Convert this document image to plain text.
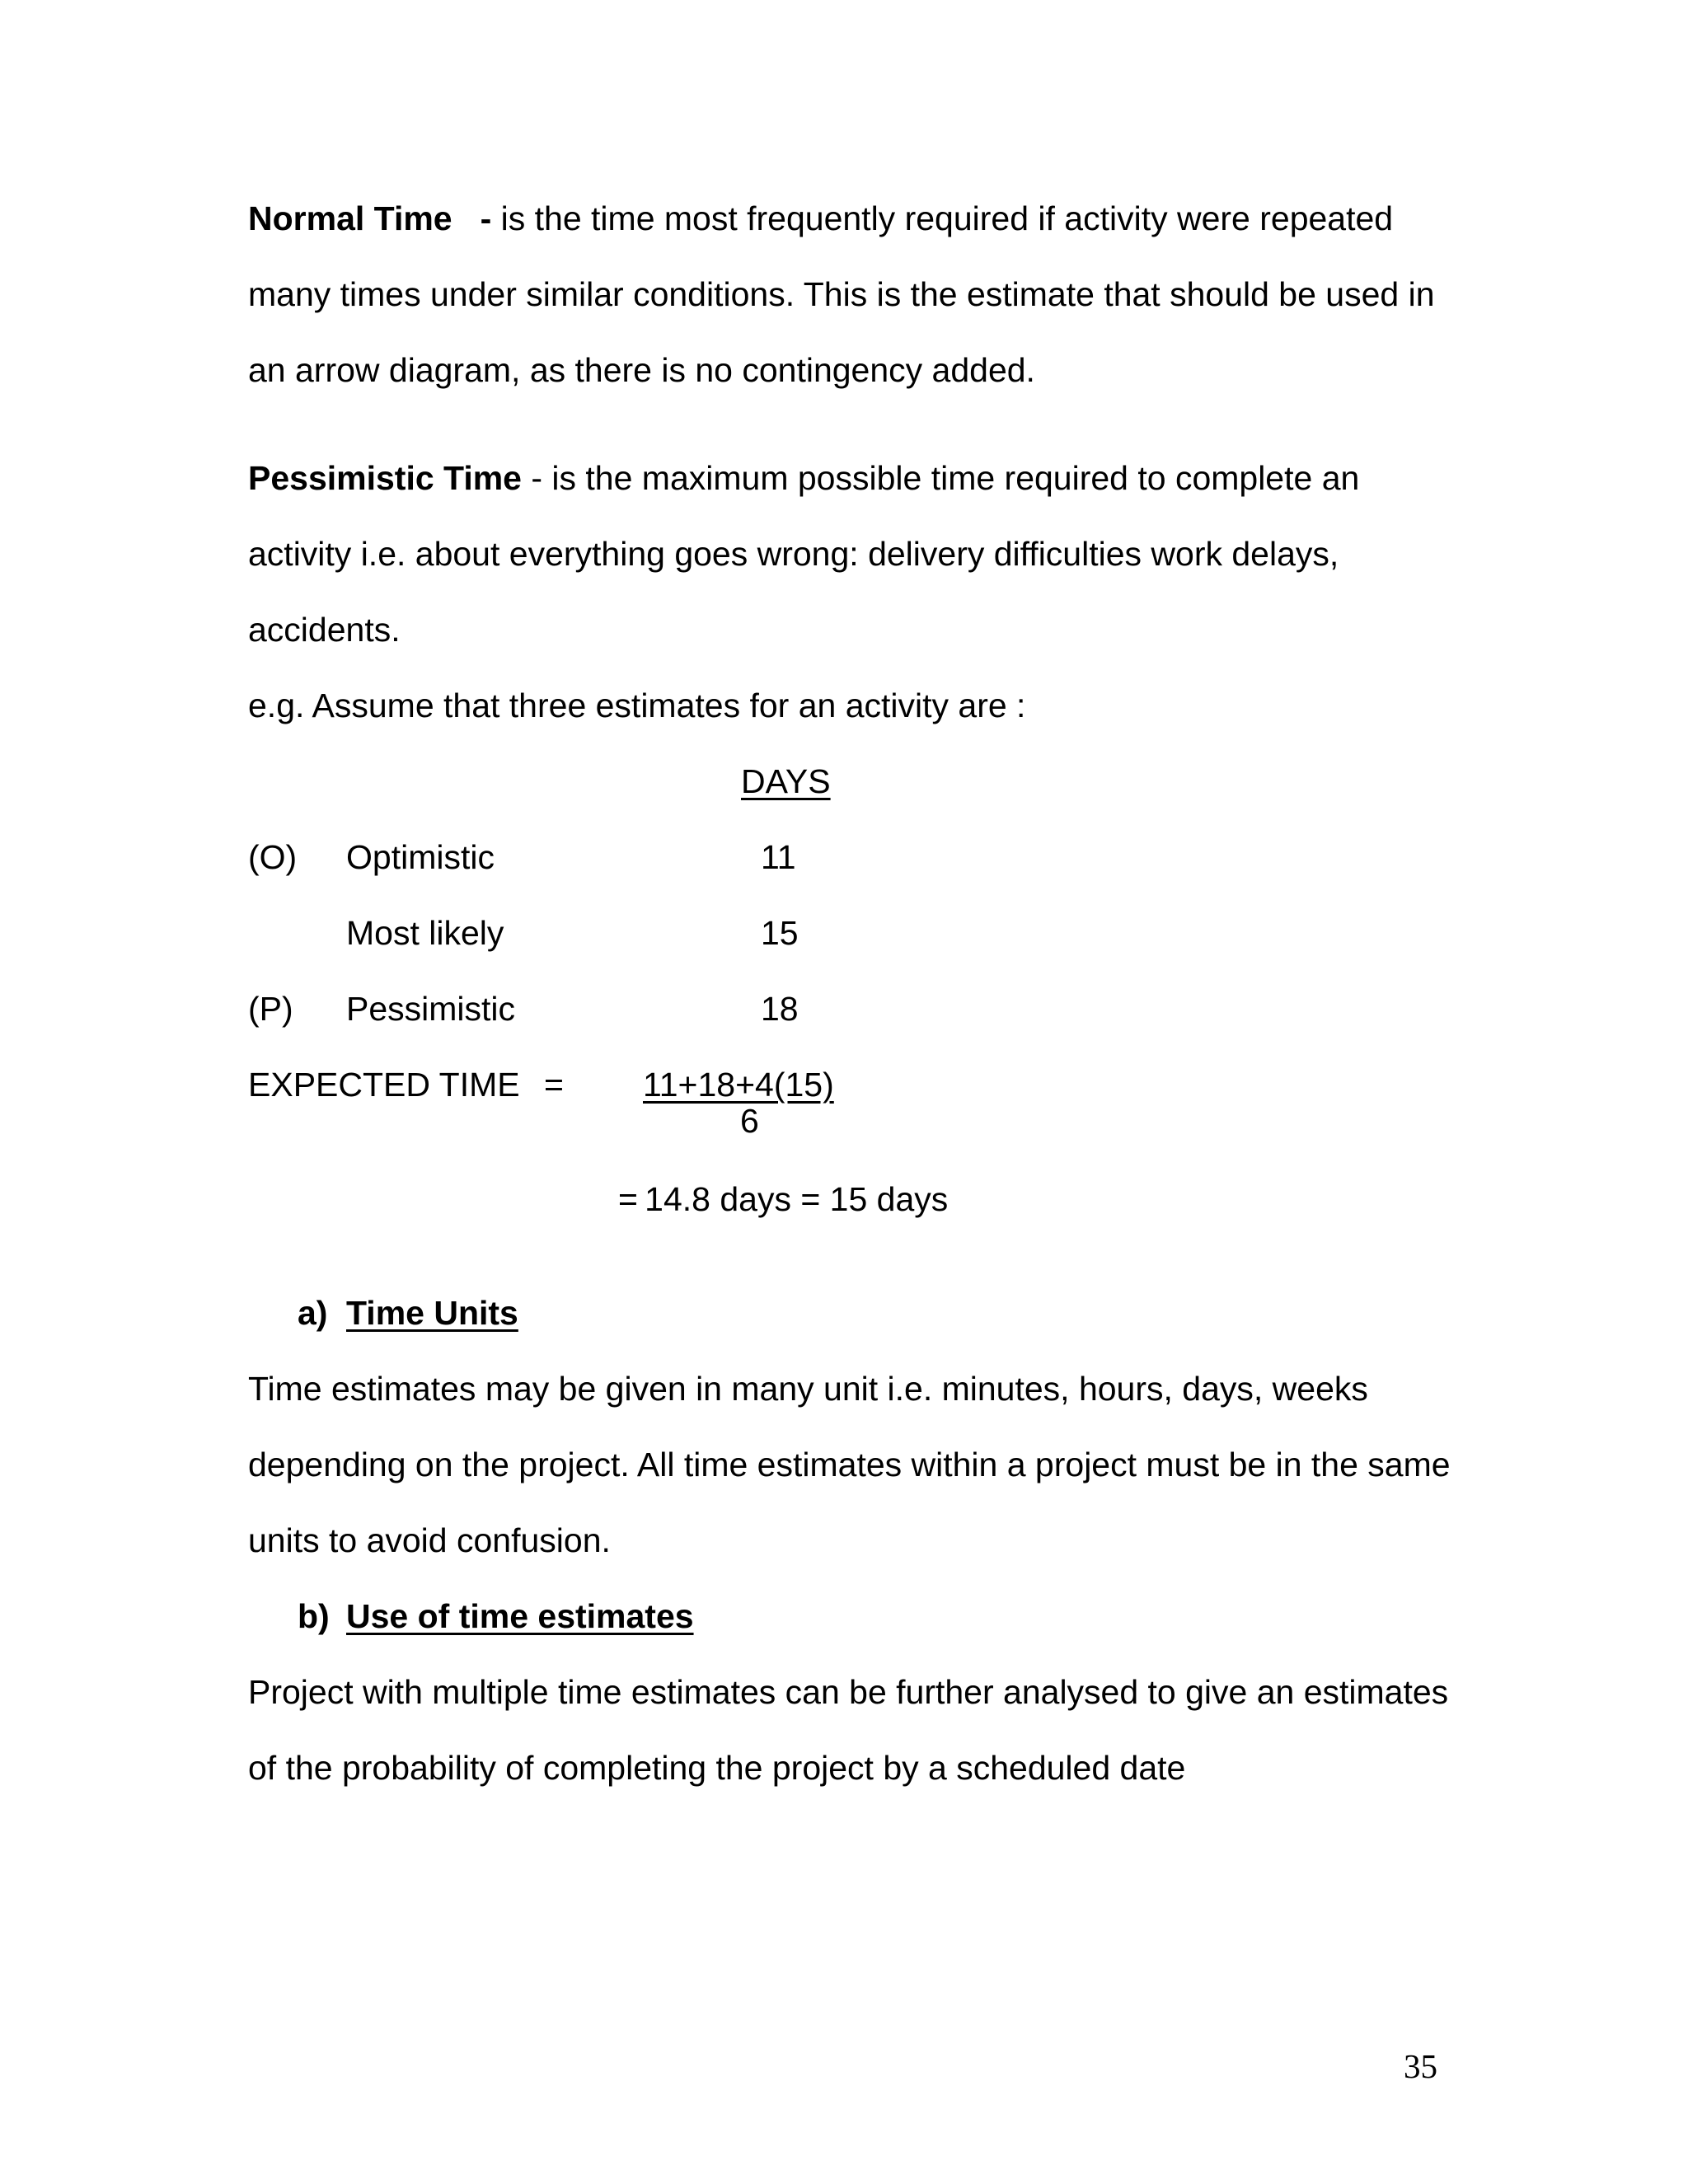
Normal Time - is the time most frequently required if activity were repeated
many times under similar conditions. This is the estimate that should be used in
an arrow diagram, as there is no contingency added.
Pessimistic Time - is the maximum possible time required to complete an
activity i.e. about everything goes wrong: delivery difficulties work delays,
accidents.
e.g. Assume that three estimates for an activity are :
DAYS
(O) Optimistic	11
Most likely	15
(P) Pessimistic	18
EXPECTED TIME = 11+18+4(15)
6
= 14.8 days = 15 days
a) Time Units
Time estimates may be given in many unit i.e. minutes, hours, days, weeks
depending on the project. All time estimates within a project must be in the same
units to avoid confusion.
b) Use of time estimates
Project with multiple time estimates can be further analysed to give an estimates
of the probability of completing the project by a scheduled date
35
